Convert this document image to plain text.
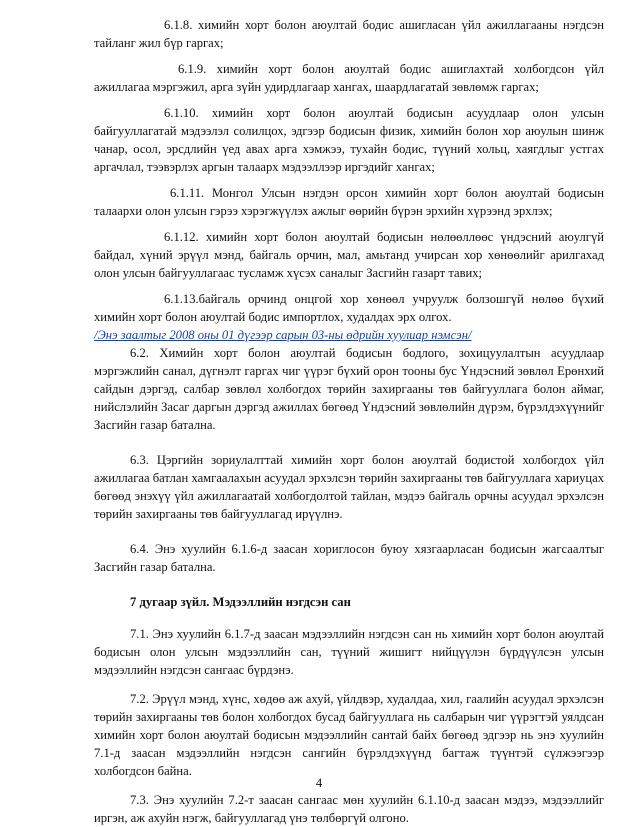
6.1.8. химийн хорт болон аюултай бодис ашигласан үйл ажиллагааны нэгдсэн тайланг жил бүр гаргах;

6.1.9. химийн хорт болон аюултай бодис ашиглахтай холбогдсон үйл ажиллагаа мэргэжил, арга зүйн удирдлагаар хангах, шаардлагатай зөвлөмж гаргах;

6.1.10. химийн хорт болон аюултай бодисын асуудлаар олон улсын байгууллагатай мэдээлэл солилцох, эдгээр бодисын физик, химийн болон хор аюулын шинж чанар, осол, эрсдлийн үед авах арга хэмжээ, тухайн бодис, түүний хольц, хаягдлыг устгах аргачлал, тээвэрлэх аргын талаарх мэдээллээр иргэдийг хангах;

6.1.11. Монгол Улсын нэгдэн орсон химийн хорт болон аюултай бодисын талаархи олон улсын гэрээ хэрэгжүүлэх ажлыг өөрийн бүрэн эрхийн хүрээнд эрхлэх;

6.1.12. химийн хорт болон аюултай бодисын нөлөөллөөс үндэсний аюулгүй байдал, хүний эрүүл мэнд, байгаль орчин, мал, амьтанд учирсан хор хөнөөлийг арилгахад олон улсын байгууллагаас тусламж хүсэх саналыг Засгийн газарт тавих;

6.1.13.байгаль орчинд онцгой хор хөнөөл учруулж болзошгүй нөлөө бүхий химийн хорт болон аюултай бодис импортлох, худалдах эрх олгох.

/Энэ заалтыг 2008 оны 01 дүгээр сарын 03-ны өдрийн хуулиар нэмсэн/

6.2. Химийн хорт болон аюултай бодисын бодлого, зохицуулалтын асуудлаар мэргэжлийн санал, дүгнэлт гаргах чиг үүрэг бүхий орон тооны бус Үндэсний зөвлөл Ерөнхий сайдын дэргэд, салбар зөвлөл холбогдох төрийн захиргааны төв байгууллага болон аймаг, нийслэлийн Засаг даргын дэргэд ажиллах бөгөөд Үндэсний зөвлөлийн дүрэм, бүрэлдэхүүнийг Засгийн газар батална.

6.3. Цэргийн зориулалттай химийн хорт болон аюултай бодистой холбогдох үйл ажиллагаа батлан хамгаалахын асуудал эрхэлсэн төрийн захиргааны төв байгууллага хариуцах бөгөөд энэхүү үйл ажиллагаатай холбогдолтой тайлан, мэдээ байгаль орчны асуудал эрхэлсэн төрийн захиргааны төв байгууллагад ирүүлнэ.

6.4. Энэ хуулийн 6.1.6-д заасан хориглосон буюу хязгаарласан бодисын жагсаалтыг Засгийн газар батална.

7 дугаар зүйл. Мэдээллийн нэгдсэн сан

7.1. Энэ хуулийн 6.1.7-д заасан мэдээллийн нэгдсэн сан нь химийн хорт болон аюултай бодисын олон улсын мэдээллийн сан, түүний жишигт нийцүүлэн бүрдүүлсэн улсын мэдээллийн нэгдсэн сангаас бүрдэнэ.

7.2. Эрүүл мэнд, хүнс, хөдөө аж ахуй, үйлдвэр, худалдаа, хил, гаалийн асуудал эрхэлсэн төрийн захиргааны төв болон холбогдох бусад байгууллага нь салбарын чиг үүрэгтэй уялдсан химийн хорт болон аюултай бодисын мэдээллийн сантай байх бөгөөд эдгээр нь энэ хуулийн 7.1-д заасан мэдээллийн нэгдсэн сангийн бүрэлдэхүүнд багтаж түүнтэй сүлжээгээр холбогдсон байна.

7.3. Энэ хуулийн 7.2-т заасан сангаас мөн хуулийн 6.1.10-д заасан мэдээ, мэдээллийг иргэн, аж ахуйн нэгж, байгууллагад үнэ төлбөргүй олгоно.

4
